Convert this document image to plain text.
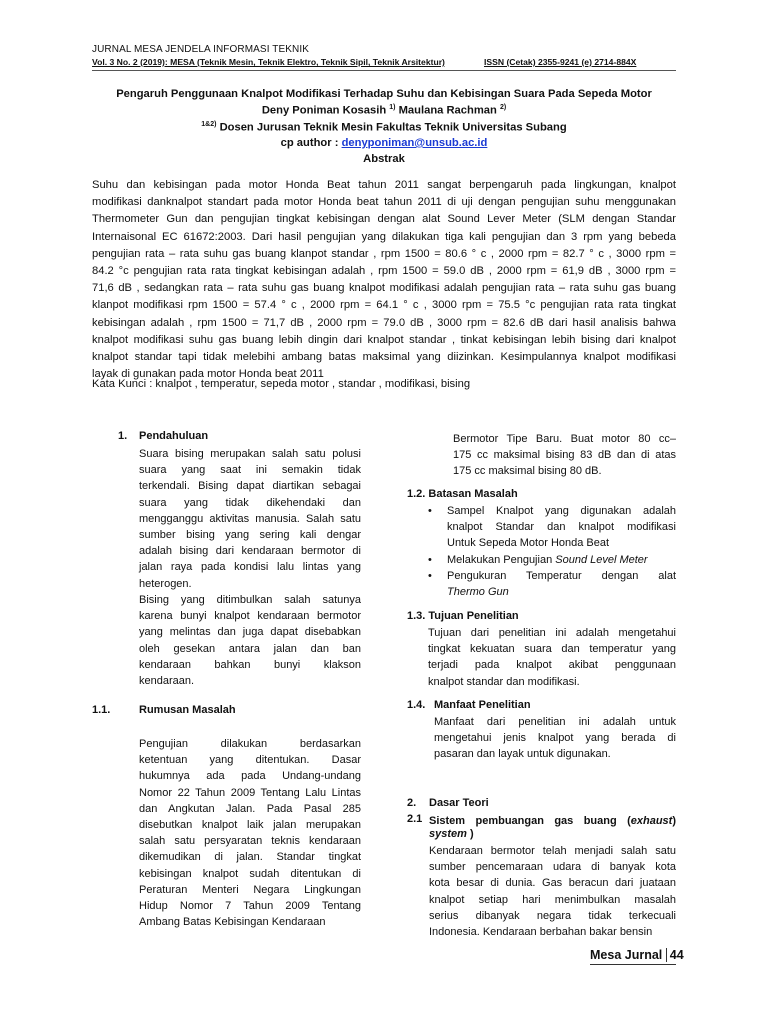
JURNAL MESA JENDELA INFORMASI TEKNIK
Vol. 3 No. 2 (2019): MESA (Teknik Mesin, Teknik Elektro, Teknik Sipil, Teknik Arsitektur)	ISSN (Cetak) 2355-9241 (e) 2714-884X
Pengaruh Penggunaan Knalpot Modifikasi Terhadap Suhu dan Kebisingan Suara Pada Sepeda Motor
Deny Poniman Kosasih $^{1)}$ Maulana Rachman $^{2)}$
$^{1\&2)}$ Dosen Jurusan Teknik Mesin Fakultas Teknik Universitas Subang
cp author : denyponiman@unsub.ac.id
Abstrak
Suhu dan kebisingan pada motor Honda Beat tahun 2011 sangat berpengaruh pada lingkungan, knalpot
modifikasi danknalpot standart pada motor Honda beat tahun 2011 di uji dengan pengujian suhu menggunakan
Thermometer Gun dan pengujian tingkat kebisingan dengan alat Sound Lever Meter (SLM dengan Standar
Internaisonal EC 61672:2003. Dari hasil pengujian yang dilakukan tiga kali pengujian dan 3 rpm yang bebeda
pengujian rata – rata suhu gas buang klanpot standar , rpm 1500 = 80.6 ° c , 2000 rpm = 82.7 ° c , 3000 rpm =
84.2 °c pengujian rata rata tingkat kebisingan adalah , rpm 1500 = 59.0 dB , 2000 rpm = 61,9 dB , 3000 rpm =
71,6 dB , sedangkan rata – rata suhu gas buang knalpot modifikasi adalah pengujian rata – rata suhu gas buang
klanpot modifikasi rpm 1500 = 57.4 ° c , 2000 rpm = 64.1 ° c , 3000 rpm = 75.5 °c pengujian rata rata tingkat
kebisingan adalah , rpm 1500 = 71,7 dB , 2000 rpm = 79.0 dB , 3000 rpm = 82.6 dB dari hasil analisis bahwa
knalpot modifikasi suhu gas buang lebih dingin dari knalpot standar , tinkat kebisingan lebih bising dari knalpot
knalpot standar tapi tidak melebihi ambang batas maksimal yang diizinkan. Kesimpulannya knalpot modifikasi
layak di gunakan pada motor Honda beat 2011
Kata Kunci : knalpot , temperatur, sepeda motor , standar , modifikasi, bising
1. Pendahuluan
Suara bising merupakan salah satu polusi
suara yang saat ini semakin tidak
terkendali. Bising dapat diartikan sebagai
suara yang tidak dikehendaki dan
mengganggu aktivitas manusia. Salah satu
sumber bising yang sering kali dengar
adalah bising dari kendaraan bermotor di
jalan raya pada kondisi lalu lintas yang
heterogen.
Bising yang ditimbulkan salah satunya
karena bunyi knalpot kendaraan bermotor
yang melintas dan juga dapat disebabkan
oleh gesekan antara jalan dan ban
kendaraan bahkan bunyi klakson
kendaraan.
1.1.	Rumusan Masalah
Pengujian dilakukan berdasarkan
ketentuan yang ditentukan. Dasar
hukumnya ada pada Undang-undang
Nomor 22 Tahun 2009 Tentang Lalu Lintas
dan Angkutan Jalan. Pada Pasal 285
disebutkan knalpot laik jalan merupakan
salah satu persyaratan teknis kendaraan
dikemudikan di jalan. Standar tingkat
kebisingan knalpot sudah ditentukan di
Peraturan Menteri Negara Lingkungan
Hidup Nomor 7 Tahun 2009 Tentang
Ambang Batas Kebisingan Kendaraan
Bermotor Tipe Baru. Buat motor 80 cc–
175 cc maksimal bising 83 dB dan di atas
175 cc maksimal bising 80 dB.
1.2. Batasan Masalah
• Sampel Knalpot yang digunakan adalah
knalpot Standar dan knalpot modifikasi
Untuk Sepeda Motor Honda Beat
• Melakukan Pengujian Sound Level Meter
• Pengukuran Temperatur dengan alat
Thermo Gun
1.3. Tujuan Penelitian
Tujuan dari penelitian ini adalah mengetahui
tingkat kekuatan suara dan temperatur yang
terjadi pada knalpot akibat penggunaan
knalpot standar dan modifikasi.
1.4. Manfaat Penelitian
Manfaat dari penelitian ini adalah untuk
mengetahui jenis knalpot yang berada di
pasaran dan layak untuk digunakan.
2. Dasar Teori
2.1 Sistem pembuangan gas buang (exhaust)
system )
Kendaraan bermotor telah menjadi salah satu
sumber pencemaraan udara di banyak kota
kota besar di dunia. Gas beracun dari juataan
knalpot setiap hari menimbulkan masalah
serius dibanyak negara tidak terkecuali
Indonesia. Kendaraan berbahan bakar bensin
Mesa Jurnal 44
